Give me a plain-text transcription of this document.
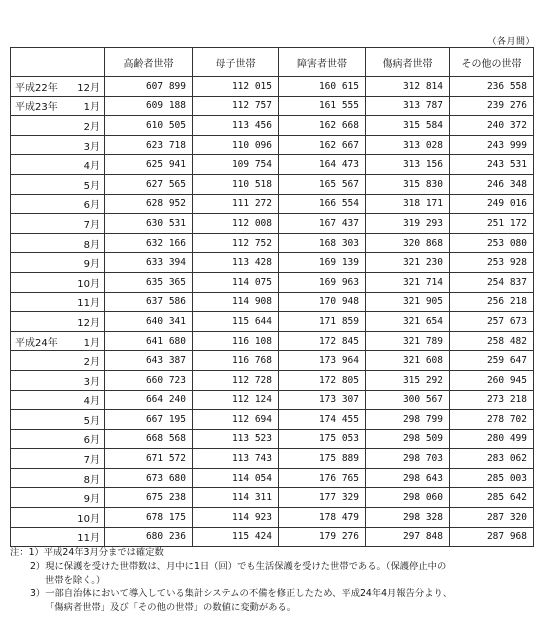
（各月間）
	高齢者世帯	母子世帯	障害者世帯	傷病者世帯	その他の世帯

平成22年 12月	607 899	112 015	160 615	312 814	236 558

平成23年 1月	609 188	112 757	161 555	313 787	239 276

2月	610 505	113 456	162 668	315 584	240 372

3月	623 718	110 096	162 667	313 028	243 999

4月	625 941	109 754	164 473	313 156	243 531

5月	627 565	110 518	165 567	315 830	246 348

6月	628 952	111 272	166 554	318 171	249 016

7月	630 531	112 008	167 437	319 293	251 172

8月	632 166	112 752	168 303	320 868	253 080

9月	633 394	113 428	169 139	321 230	253 928

10月	635 365	114 075	169 963	321 714	254 837

11月	637 586	114 908	170 948	321 905	256 218

12月	640 341	115 644	171 859	321 654	257 673

平成24年 1月	641 680	116 108	172 845	321 789	258 482

2月	643 387	116 768	173 964	321 608	259 647

3月	660 723	112 728	172 805	315 292	260 945

4月	664 240	112 124	173 307	300 567	273 218

5月	667 195	112 694	174 455	298 799	278 702

6月	668 568	113 523	175 053	298 509	280 499

7月	671 572	113 743	175 889	298 703	283 062

8月	673 680	114 054	176 765	298 643	285 003

9月	675 238	114 311	177 329	298 060	285 642

10月	678 175	114 923	178 479	298 328	287 320

11月	680 236	115 424	179 276	297 848	287 968
注：1）平成24年3月分までは確定数
2）現に保護を受けた世帯数は、月中に1日（回）でも生活保護を受けた世帯である。（保護停止中の
世帯を除く。）
3）一部自治体において導入している集計システムの不備を修正したため、平成24年4月報告分より、
「傷病者世帯」及び「その他の世帯」の数値に変動がある。
